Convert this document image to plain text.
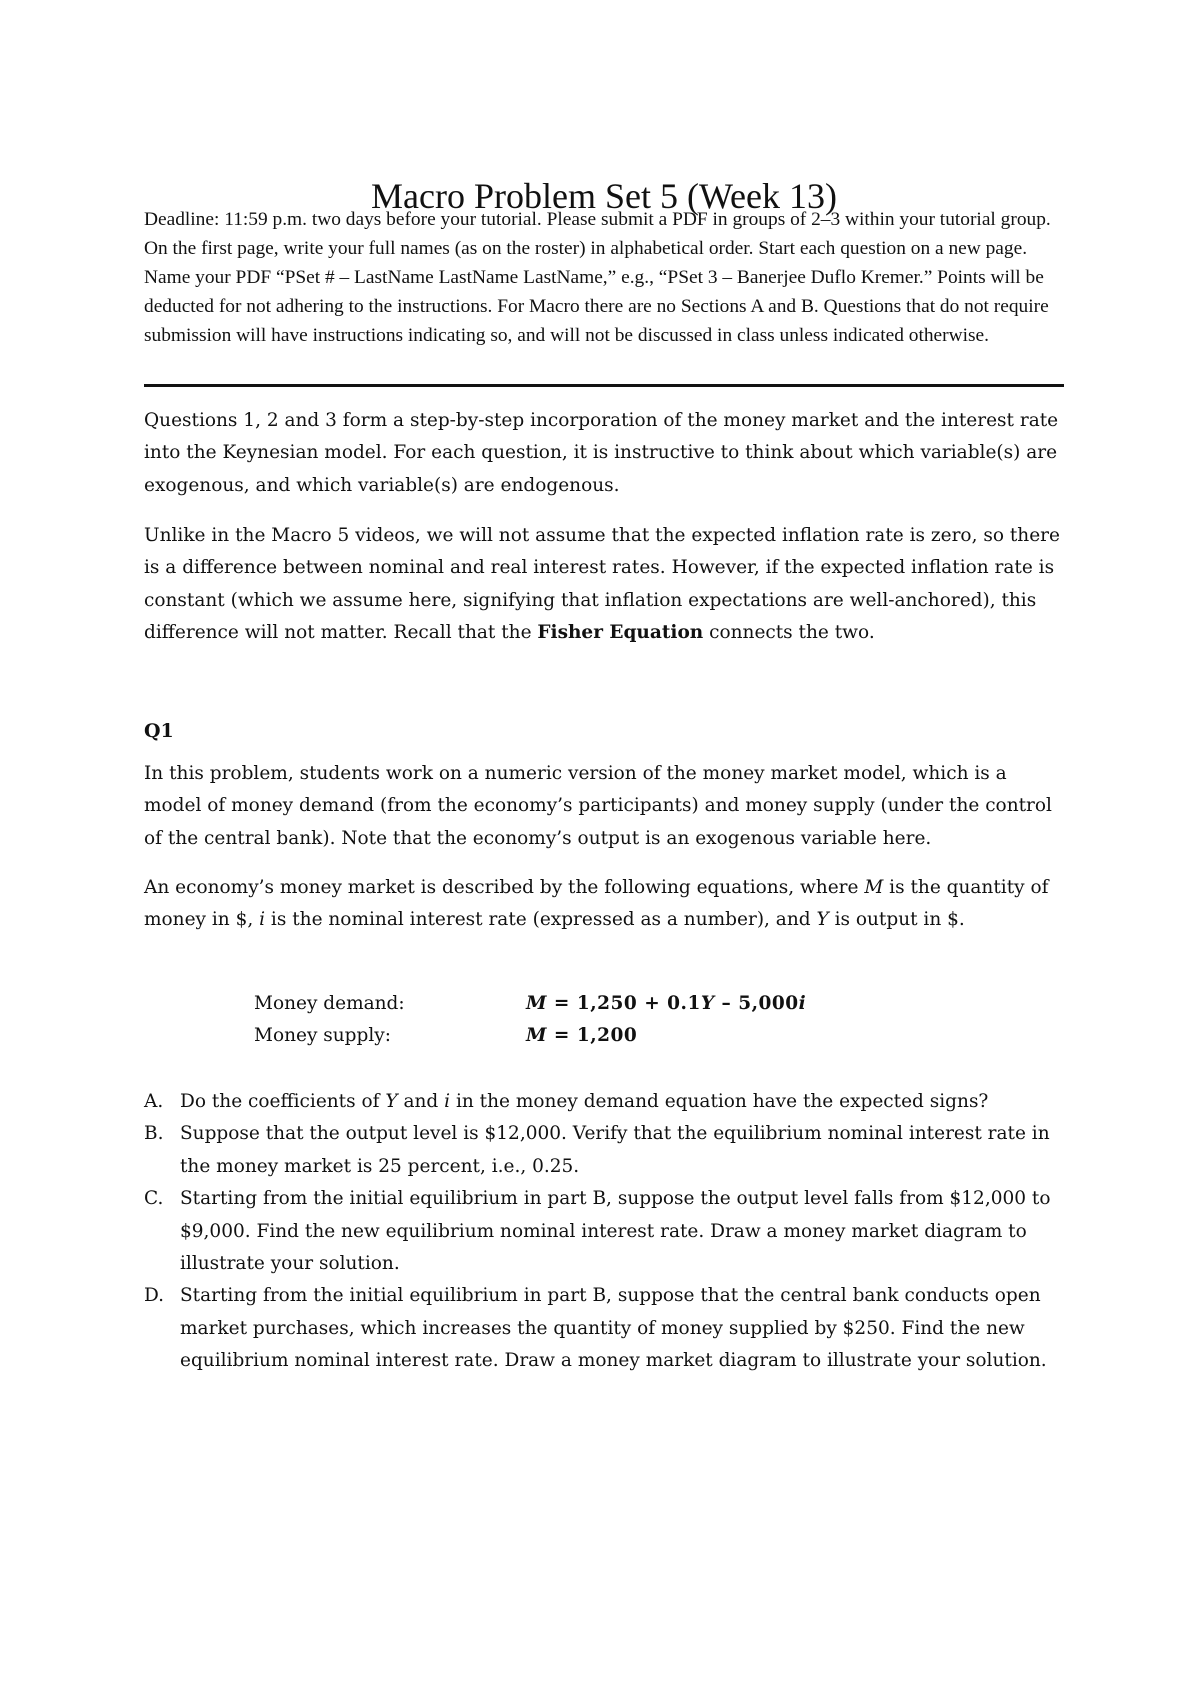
Macro Problem Set 5 (Week 13)

Deadline: 11:59 p.m. two days before your tutorial. Please submit a PDF in groups of 2–3 within your tutorial group. On the first page, write your full names (as on the roster) in alphabetical order. Start each question on a new page. Name your PDF “PSet # – LastName LastName LastName,” e.g., “PSet 3 – Banerjee Duflo Kremer.” Points will be deducted for not adhering to the instructions. For Macro there are no Sections A and B. Questions that do not require submission will have instructions indicating so, and will not be discussed in class unless indicated otherwise.

Questions 1, 2 and 3 form a step-by-step incorporation of the money market and the interest rate into the Keynesian model. For each question, it is instructive to think about which variable(s) are exogenous, and which variable(s) are endogenous.

Unlike in the Macro 5 videos, we will not assume that the expected inflation rate is zero, so there is a difference between nominal and real interest rates. However, if the expected inflation rate is constant (which we assume here, signifying that inflation expectations are well-anchored), this difference will not matter. Recall that the Fisher Equation connects the two.

Q1

In this problem, students work on a numeric version of the money market model, which is a model of money demand (from the economy’s participants) and money supply (under the control of the central bank). Note that the economy’s output is an exogenous variable here.

An economy’s money market is described by the following equations, where M is the quantity of money in $, i is the nominal interest rate (expressed as a number), and Y is output in $.

Money demand:	M = 1,250 + 0.1Y – 5,000i
Money supply:	M = 1,200
A. Do the coefficients of Y and i in the money demand equation have the expected signs?
B. Suppose that the output level is $12,000. Verify that the equilibrium nominal interest rate in the money market is 25 percent, i.e., 0.25.
C. Starting from the initial equilibrium in part B, suppose the output level falls from $12,000 to $9,000. Find the new equilibrium nominal interest rate. Draw a money market diagram to illustrate your solution.
D. Starting from the initial equilibrium in part B, suppose that the central bank conducts open market purchases, which increases the quantity of money supplied by $250. Find the new equilibrium nominal interest rate. Draw a money market diagram to illustrate your solution.
